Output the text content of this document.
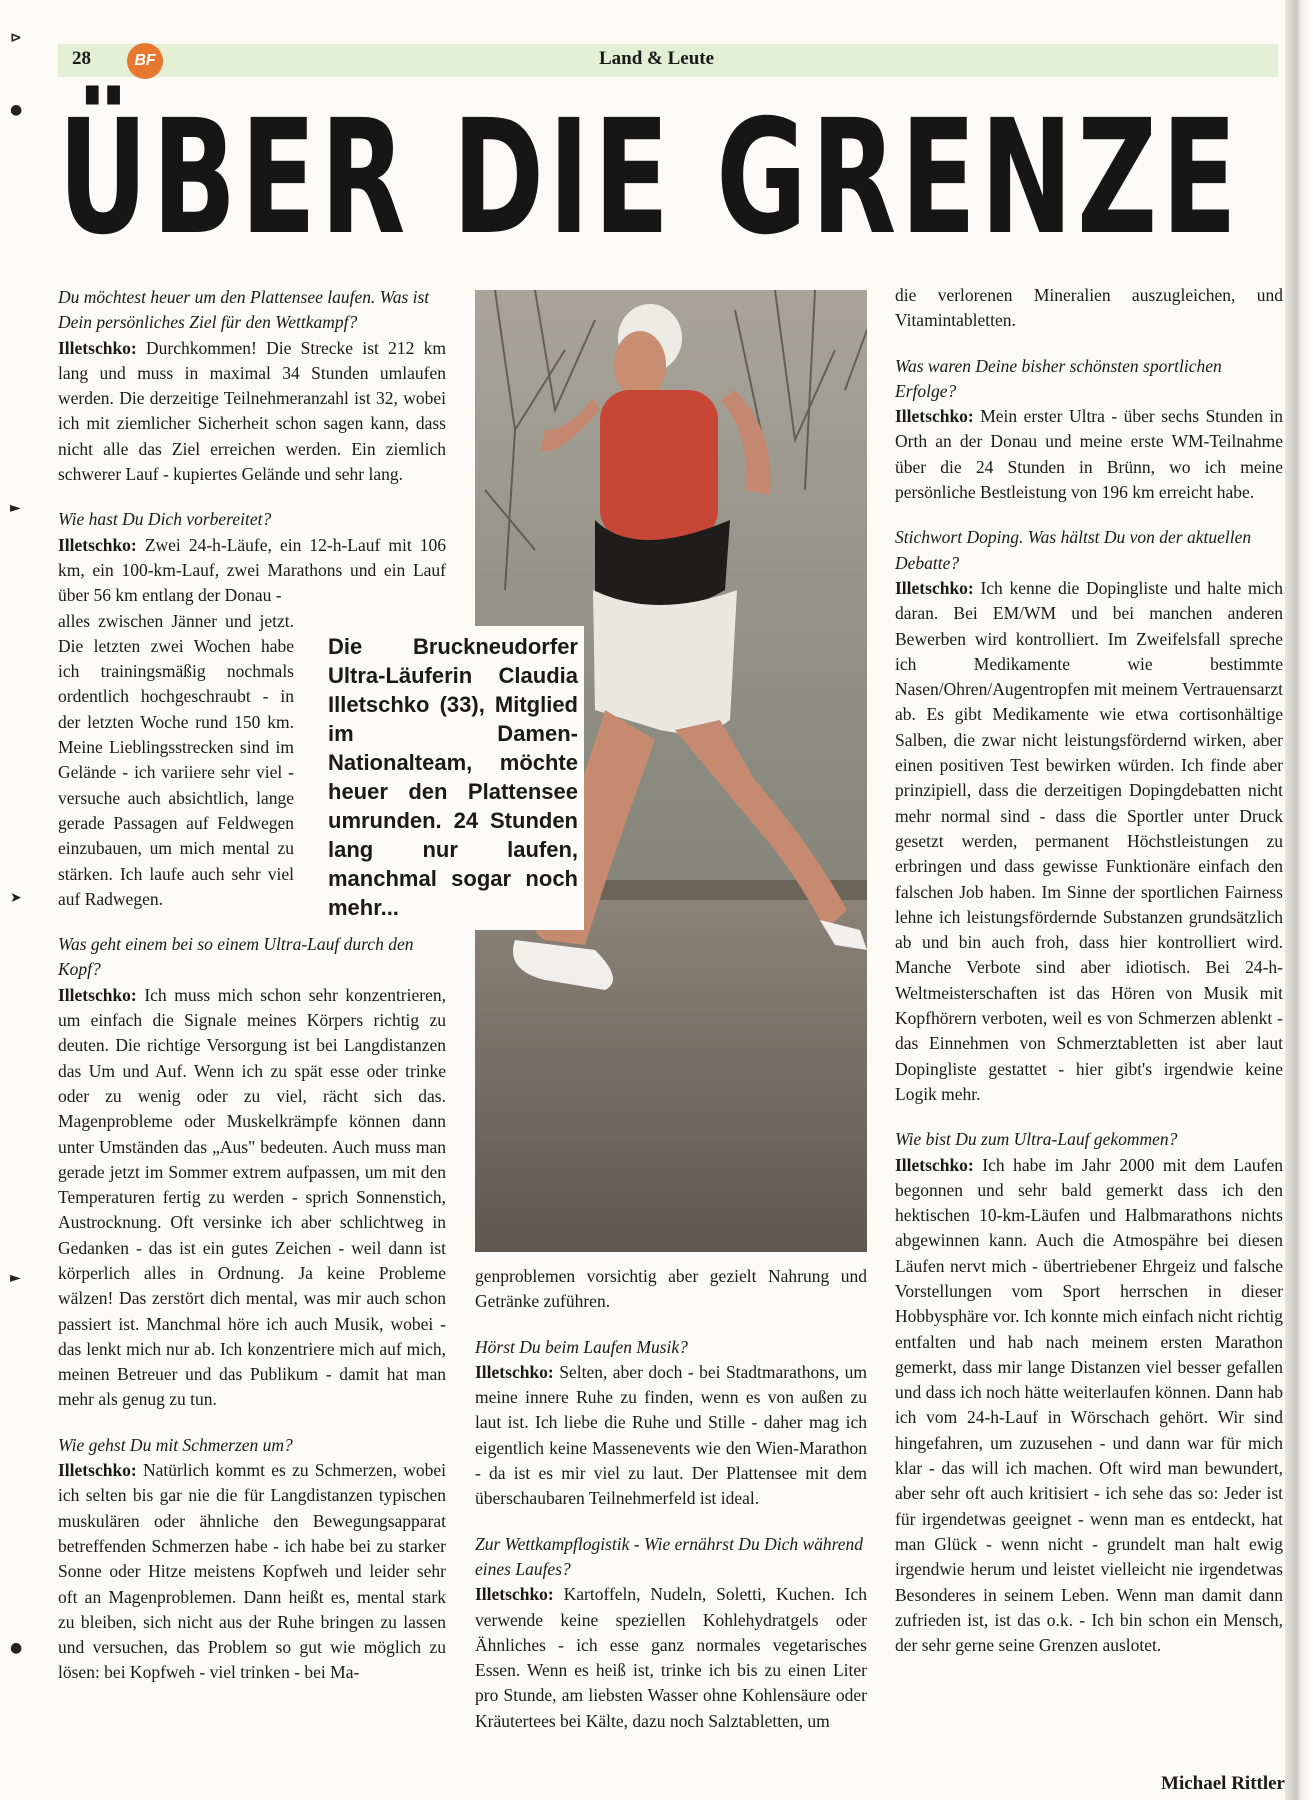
28	BF	Land & Leute
⊳
●
►
➤
►
●
ÜBER DIE GRENZE

Du möchtest heuer um den Plattensee laufen. Was ist Dein persönliches Ziel für den Wettkampf?

Illetschko: Durchkommen! Die Strecke ist 212 km lang und muss in maximal 34 Stunden umlaufen werden. Die derzeitige Teilnehmeranzahl ist 32, wobei ich mit ziemlicher Sicherheit schon sagen kann, dass nicht alle das Ziel erreichen werden. Ein ziemlich schwerer Lauf - kupiertes Gelände und sehr lang.

Wie hast Du Dich vorbereitet?

Illetschko: Zwei 24-h-Läufe, ein 12-h-Lauf mit 106 km, ein 100-km-Lauf, zwei Marathons und ein Lauf über 56 km entlang der Donau -

alles zwischen Jänner und jetzt. Die letzten zwei Wochen habe ich trainingsmäßig nochmals ordentlich hochgeschraubt - in der letzten Woche rund 150 km. Meine Lieblingsstrecken sind im Gelände - ich variiere sehr viel - versuche auch absichtlich, lange gerade Passagen auf Feldwegen einzubauen, um mich mental zu stärken. Ich laufe auch sehr viel auf Radwegen.

Was geht einem bei so einem Ultra-Lauf durch den Kopf?

Illetschko: Ich muss mich schon sehr konzentrieren, um einfach die Signale meines Körpers richtig zu deuten. Die richtige Versorgung ist bei Langdistanzen das Um und Auf. Wenn ich zu spät esse oder trinke oder zu wenig oder zu viel, rächt sich das. Magenprobleme oder Muskelkrämpfe können dann unter Umständen das „Aus" bedeuten. Auch muss man gerade jetzt im Sommer extrem aufpassen, um mit den Temperaturen fertig zu werden - sprich Sonnenstich, Austrocknung. Oft versinke ich aber schlichtweg in Gedanken - das ist ein gutes Zeichen - weil dann ist körperlich alles in Ordnung. Ja keine Probleme wälzen! Das zerstört dich mental, was mir auch schon passiert ist. Manchmal höre ich auch Musik, wobei - das lenkt mich nur ab. Ich konzentriere mich auf mich, meinen Betreuer und das Publikum - damit hat man mehr als genug zu tun.

Wie gehst Du mit Schmerzen um?

Illetschko: Natürlich kommt es zu Schmerzen, wobei ich selten bis gar nie die für Langdistanzen typischen muskulären oder ähnliche den Bewegungsapparat betreffenden Schmerzen habe - ich habe bei zu starker Sonne oder Hitze meistens Kopfweh und leider sehr oft an Magenproblemen. Dann heißt es, mental stark zu bleiben, sich nicht aus der Ruhe bringen zu lassen und versuchen, das Problem so gut wie möglich zu lösen: bei Kopfweh - viel trinken - bei Ma-

Die Bruckneudorfer Ultra-Läuferin Claudia Illetschko (33), Mitglied im Damen-Nationalteam, möchte heuer den Plattensee umrunden. 24 Stunden lang nur laufen, manchmal sogar noch mehr...

genproblemen vorsichtig aber gezielt Nahrung und Getränke zuführen.

Hörst Du beim Laufen Musik?

Illetschko: Selten, aber doch - bei Stadtmarathons, um meine innere Ruhe zu finden, wenn es von außen zu laut ist. Ich liebe die Ruhe und Stille - daher mag ich eigentlich keine Massenevents wie den Wien-Marathon - da ist es mir viel zu laut. Der Plattensee mit dem überschaubaren Teilnehmerfeld ist ideal.

Zur Wettkampflogistik - Wie ernährst Du Dich während eines Laufes?

Illetschko: Kartoffeln, Nudeln, Soletti, Kuchen. Ich verwende keine speziellen Kohlehydratgels oder Ähnliches - ich esse ganz normales vegetarisches Essen. Wenn es heiß ist, trinke ich bis zu einen Liter pro Stunde, am liebsten Wasser ohne Kohlensäure oder Kräutertees bei Kälte, dazu noch Salztabletten, um

die verlorenen Mineralien auszugleichen, und Vitamintabletten.

Was waren Deine bisher schönsten sportlichen Erfolge?

Illetschko: Mein erster Ultra - über sechs Stunden in Orth an der Donau und meine erste WM-Teilnahme über die 24 Stunden in Brünn, wo ich meine persönliche Bestleistung von 196 km erreicht habe.

Stichwort Doping. Was hältst Du von der aktuellen Debatte?

Illetschko: Ich kenne die Dopingliste und halte mich daran. Bei EM/WM und bei manchen anderen Bewerben wird kontrolliert. Im Zweifelsfall spreche ich Medikamente wie bestimmte Nasen/Ohren/Augentropfen mit meinem Vertrauensarzt ab. Es gibt Medikamente wie etwa cortisonhältige Salben, die zwar nicht leistungsfördernd wirken, aber einen positiven Test bewirken würden. Ich finde aber prinzipiell, dass die derzeitigen Dopingdebatten nicht mehr normal sind - dass die Sportler unter Druck gesetzt werden, permanent Höchstleistungen zu erbringen und dass gewisse Funktionäre einfach den falschen Job haben. Im Sinne der sportlichen Fairness lehne ich leistungsfördernde Substanzen grundsätzlich ab und bin auch froh, dass hier kontrolliert wird. Manche Verbote sind aber idiotisch. Bei 24-h-Weltmeisterschaften ist das Hören von Musik mit Kopfhörern verboten, weil es von Schmerzen ablenkt - das Einnehmen von Schmerztabletten ist aber laut Dopingliste gestattet - hier gibt's irgendwie keine Logik mehr.

Wie bist Du zum Ultra-Lauf gekommen?

Illetschko: Ich habe im Jahr 2000 mit dem Laufen begonnen und sehr bald gemerkt dass ich den hektischen 10-km-Läufen und Halbmarathons nichts abgewinnen kann. Auch die Atmospähre bei diesen Läufen nervt mich - übertriebener Ehrgeiz und falsche Vorstellungen vom Sport herrschen in dieser Hobbysphäre vor. Ich konnte mich einfach nicht richtig entfalten und hab nach meinem ersten Marathon gemerkt, dass mir lange Distanzen viel besser gefallen und dass ich noch hätte weiterlaufen können. Dann hab ich vom 24-h-Lauf in Wörschach gehört. Wir sind hingefahren, um zuzusehen - und dann war für mich klar - das will ich machen. Oft wird man bewundert, aber sehr oft auch kritisiert - ich sehe das so: Jeder ist für irgendetwas geeignet - wenn man es entdeckt, hat man Glück - wenn nicht - grundelt man halt ewig irgendwie herum und leistet vielleicht nie irgendetwas Besonderes in seinem Leben. Wenn man damit dann zufrieden ist, ist das o.k. - Ich bin schon ein Mensch, der sehr gerne seine Grenzen auslotet.

Michael Rittler
